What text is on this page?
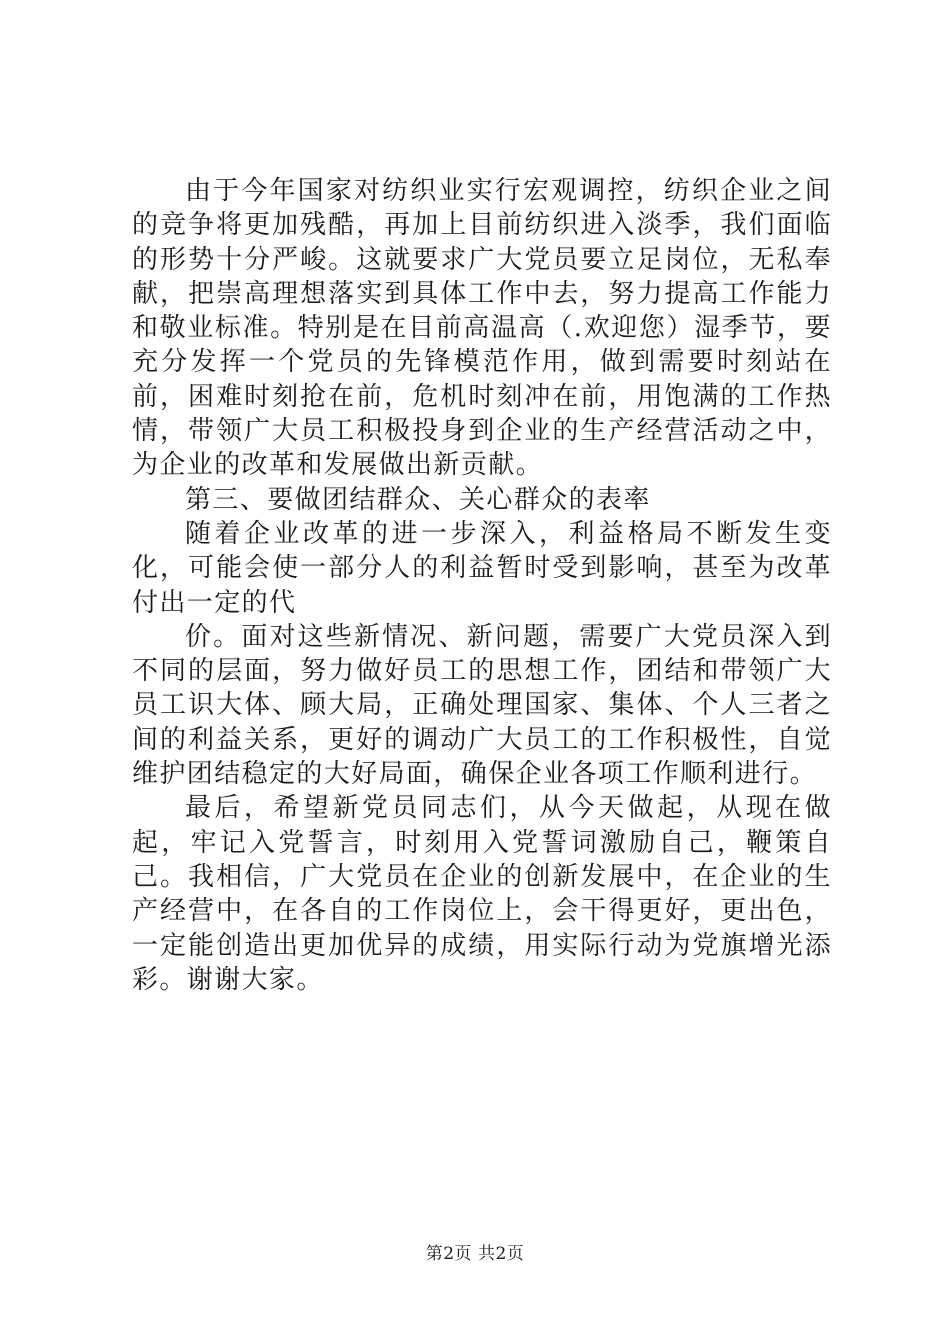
由于今年国家对纺织业实行宏观调控，纺织企业之间的竞争将更加残酷，再加上目前纺织进入淡季，我们面临的形势十分严峻。这就要求广大党员要立足岗位，无私奉献，把崇高理想落实到具体工作中去，努力提高工作能力和敬业标准。特别是在目前高温高（.欢迎您）湿季节，要充分发挥一个党员的先锋模范作用，做到需要时刻站在前，困难时刻抢在前，危机时刻冲在前，用饱满的工作热情，带领广大员工积极投身到企业的生产经营活动之中，为企业的改革和发展做出新贡献。

第三、要做团结群众、关心群众的表率

随着企业改革的进一步深入，利益格局不断发生变化，可能会使一部分人的利益暂时受到影响，甚至为改革付出一定的代

价。面对这些新情况、新问题，需要广大党员深入到不同的层面，努力做好员工的思想工作，团结和带领广大员工识大体、顾大局，正确处理国家、集体、个人三者之间的利益关系，更好的调动广大员工的工作积极性，自觉维护团结稳定的大好局面，确保企业各项工作顺利进行。

最后，希望新党员同志们，从今天做起，从现在做起，牢记入党誓言，时刻用入党誓词激励自己，鞭策自己。我相信，广大党员在企业的创新发展中，在企业的生产经营中，在各自的工作岗位上，会干得更好，更出色，一定能创造出更加优异的成绩，用实际行动为党旗增光添彩。谢谢大家。

第2页 共2页
